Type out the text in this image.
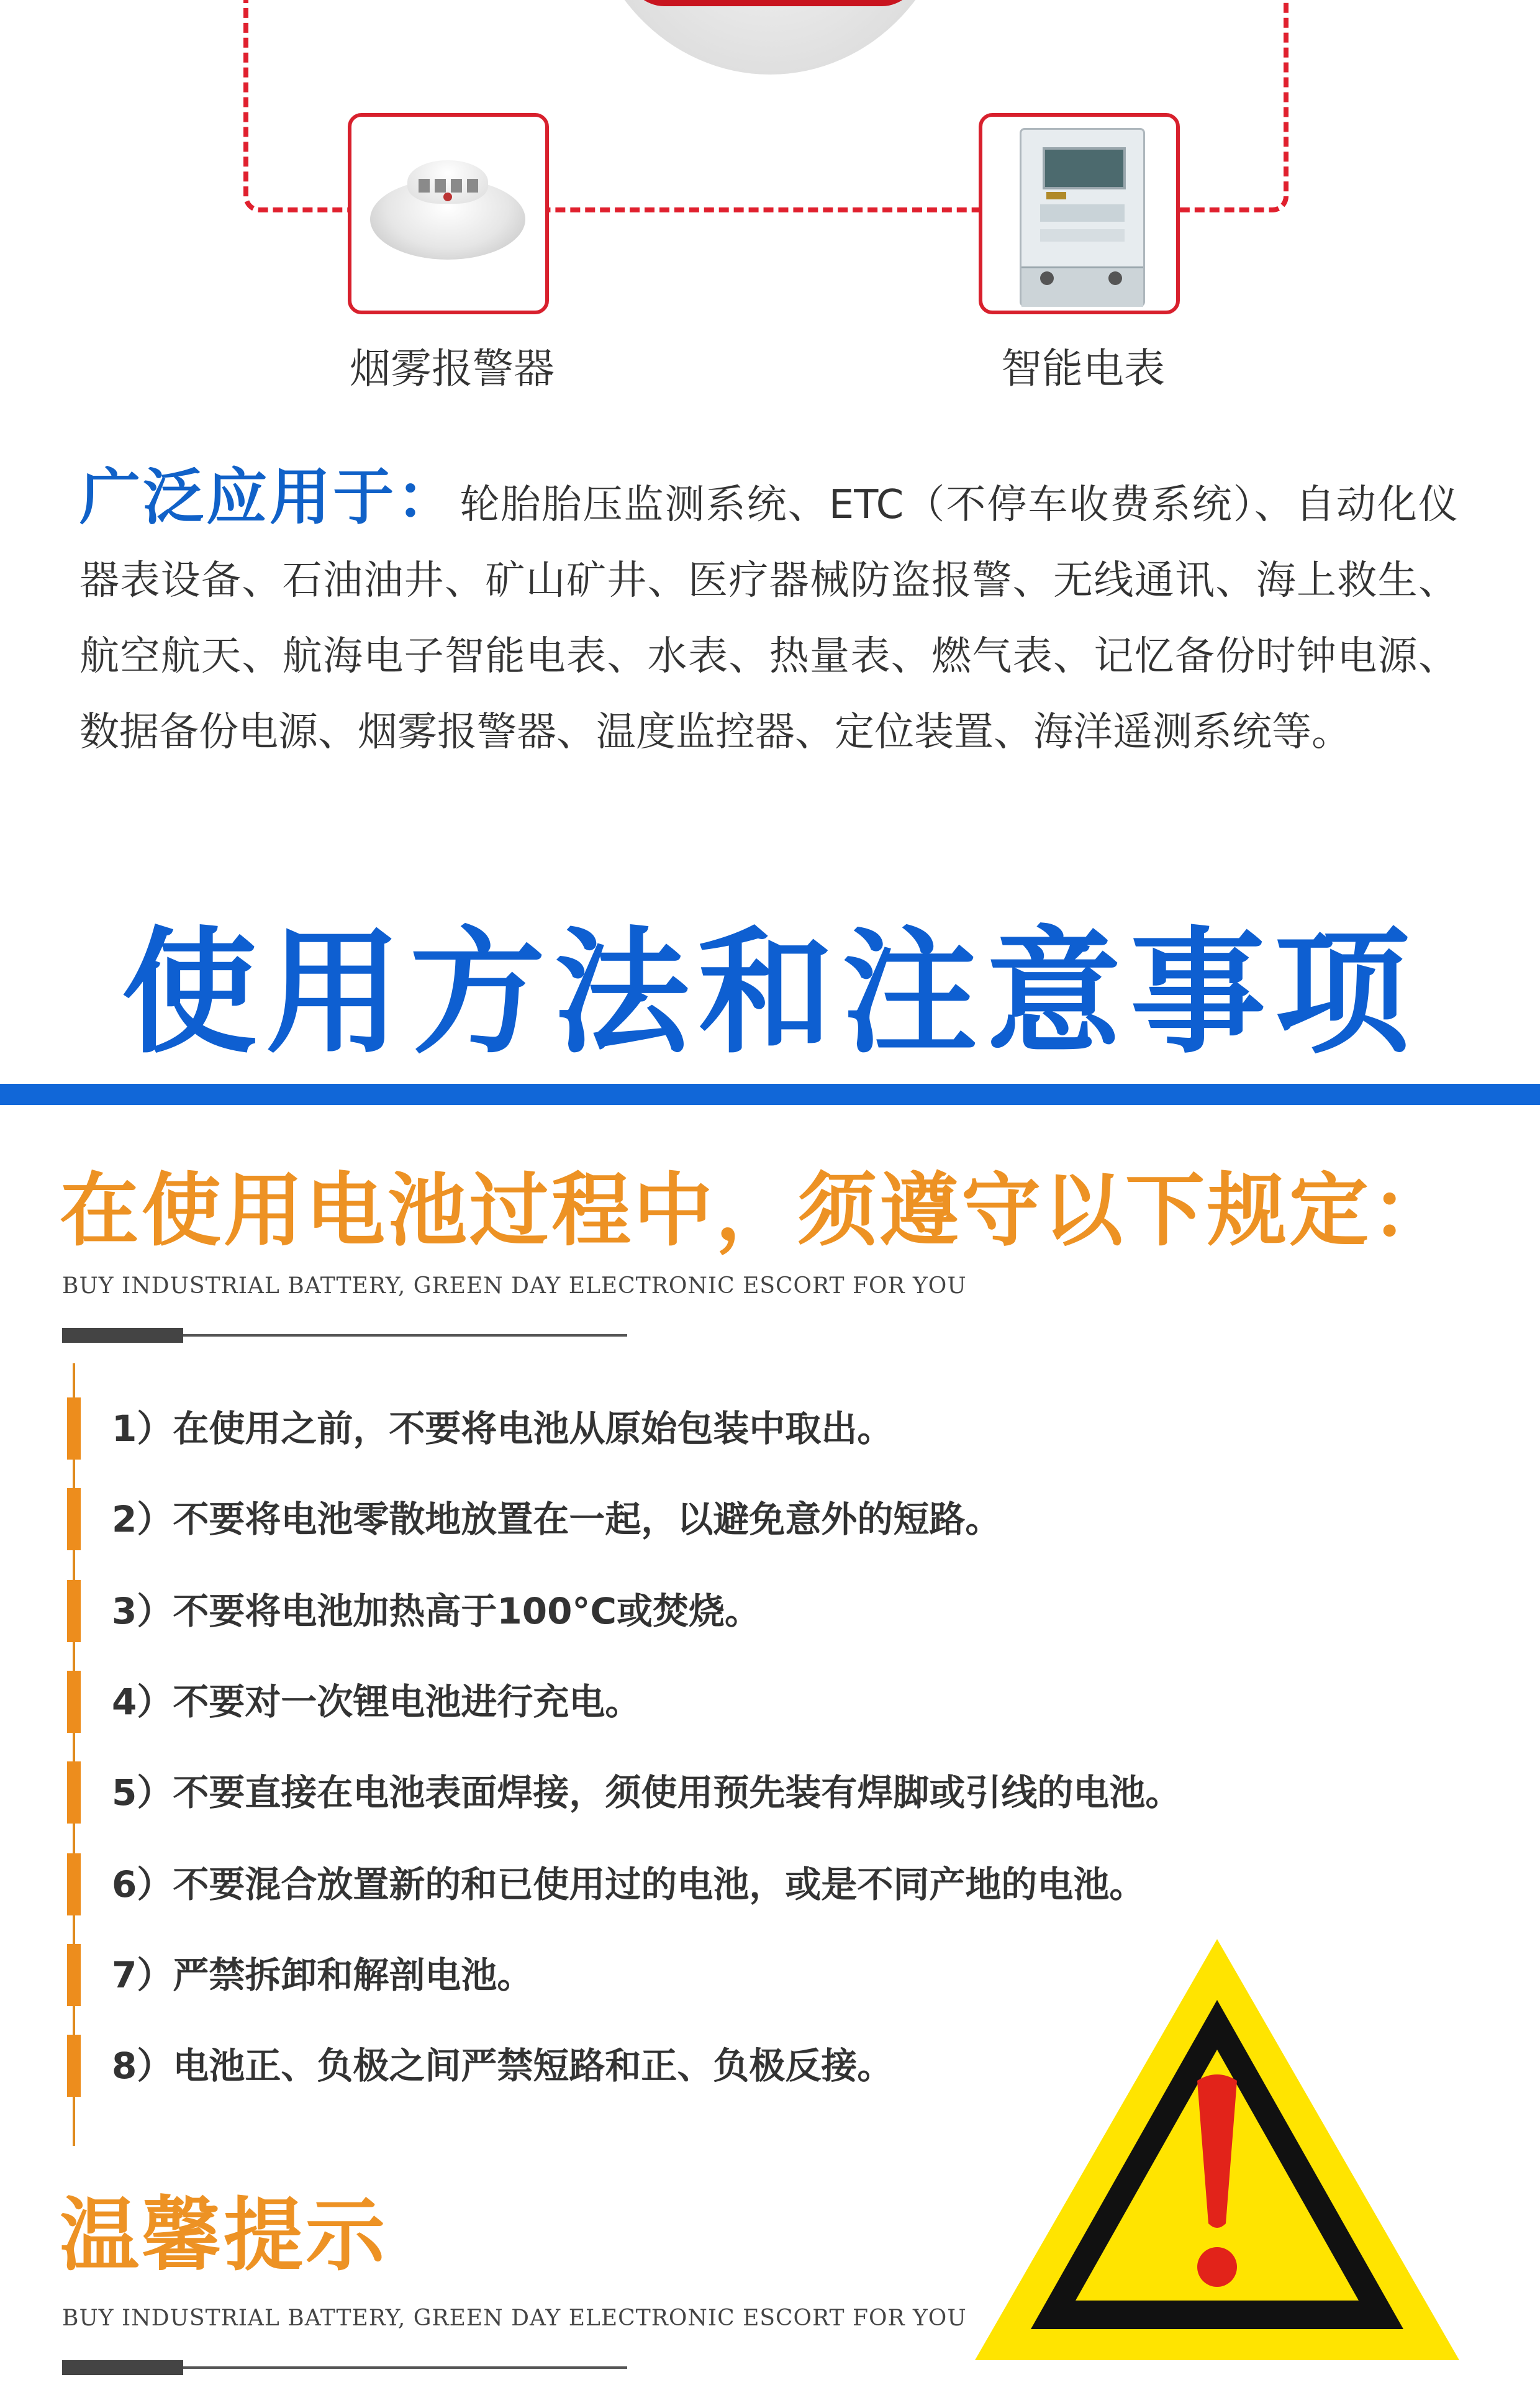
烟雾报警器	智能电表
广泛应用于：轮胎胎压监测系统、ETC（不停车收费系统）、自动化仪器表设备、石油油井、矿山矿井、医疗器械防盗报警、无线通讯、海上救生、航空航天、航海电子智能电表、水表、热量表、燃气表、记忆备份时钟电源、数据备份电源、烟雾报警器、温度监控器、定位装置、海洋遥测系统等。
使用方法和注意事项
在使用电池过程中，须遵守以下规定：
BUY INDUSTRIAL BATTERY, GREEN DAY ELECTRONIC ESCORT FOR YOU
1）在使用之前，不要将电池从原始包装中取出。
2）不要将电池零散地放置在一起，以避免意外的短路。
3）不要将电池加热高于100°C或焚烧。
4）不要对一次锂电池进行充电。
5）不要直接在电池表面焊接，须使用预先装有焊脚或引线的电池。
6）不要混合放置新的和已使用过的电池，或是不同产地的电池。
7）严禁拆卸和解剖电池。
8）电池正、负极之间严禁短路和正、负极反接。
温馨提示
BUY INDUSTRIAL BATTERY, GREEN DAY ELECTRONIC ESCORT FOR YOU
